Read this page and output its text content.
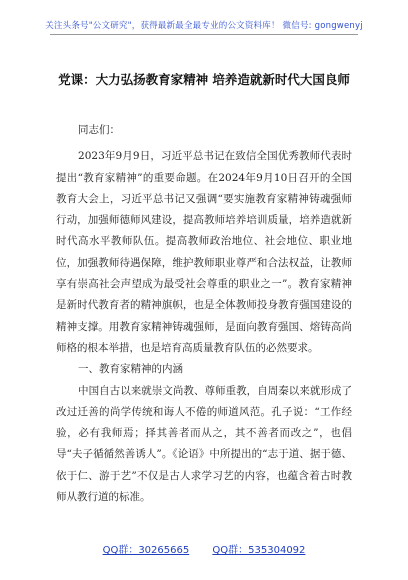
关注头条号"公文研究"，获得最新最全最专业的公文资料库！ 微信号: gongwenyj
党课：大力弘扬教育家精神 培养造就新时代大国良师

同志们：

2023年9月9日，习近平总书记在致信全国优秀教师代表时提出“教育家精神”的重要命题。在2024年9月10日召开的全国教育大会上，习近平总书记又强调“要实施教育家精神铸魂强师行动，加强师德师风建设，提高教师培养培训质量，培养造就新时代高水平教师队伍。提高教师政治地位、社会地位、职业地位，加强教师待遇保障，维护教师职业尊严和合法权益，让教师享有崇高社会声望成为最受社会尊重的职业之一”。教育家精神是新时代教育者的精神旗帜，也是全体教师投身教育强国建设的精神支撑。用教育家精神铸魂强师，是面向教育强国、熔铸高尚师格的根本举措，也是培育高质量教育队伍的必然要求。

一、教育家精神的内涵

中国自古以来就崇文尚教、尊师重教，自周秦以来就形成了改过迁善的尚学传统和诲人不倦的师道风范。孔子说：“工作经验，必有我师焉；择其善者而从之，其不善者而改之”，也倡导“夫子循循然善诱人”。《论语》中所提出的“志于道、据于德、依于仁、游于艺”不仅是古人求学习艺的内容，也蕴含着古时教师从教行道的标准。

QQ群：30265665 QQ群：535304092
